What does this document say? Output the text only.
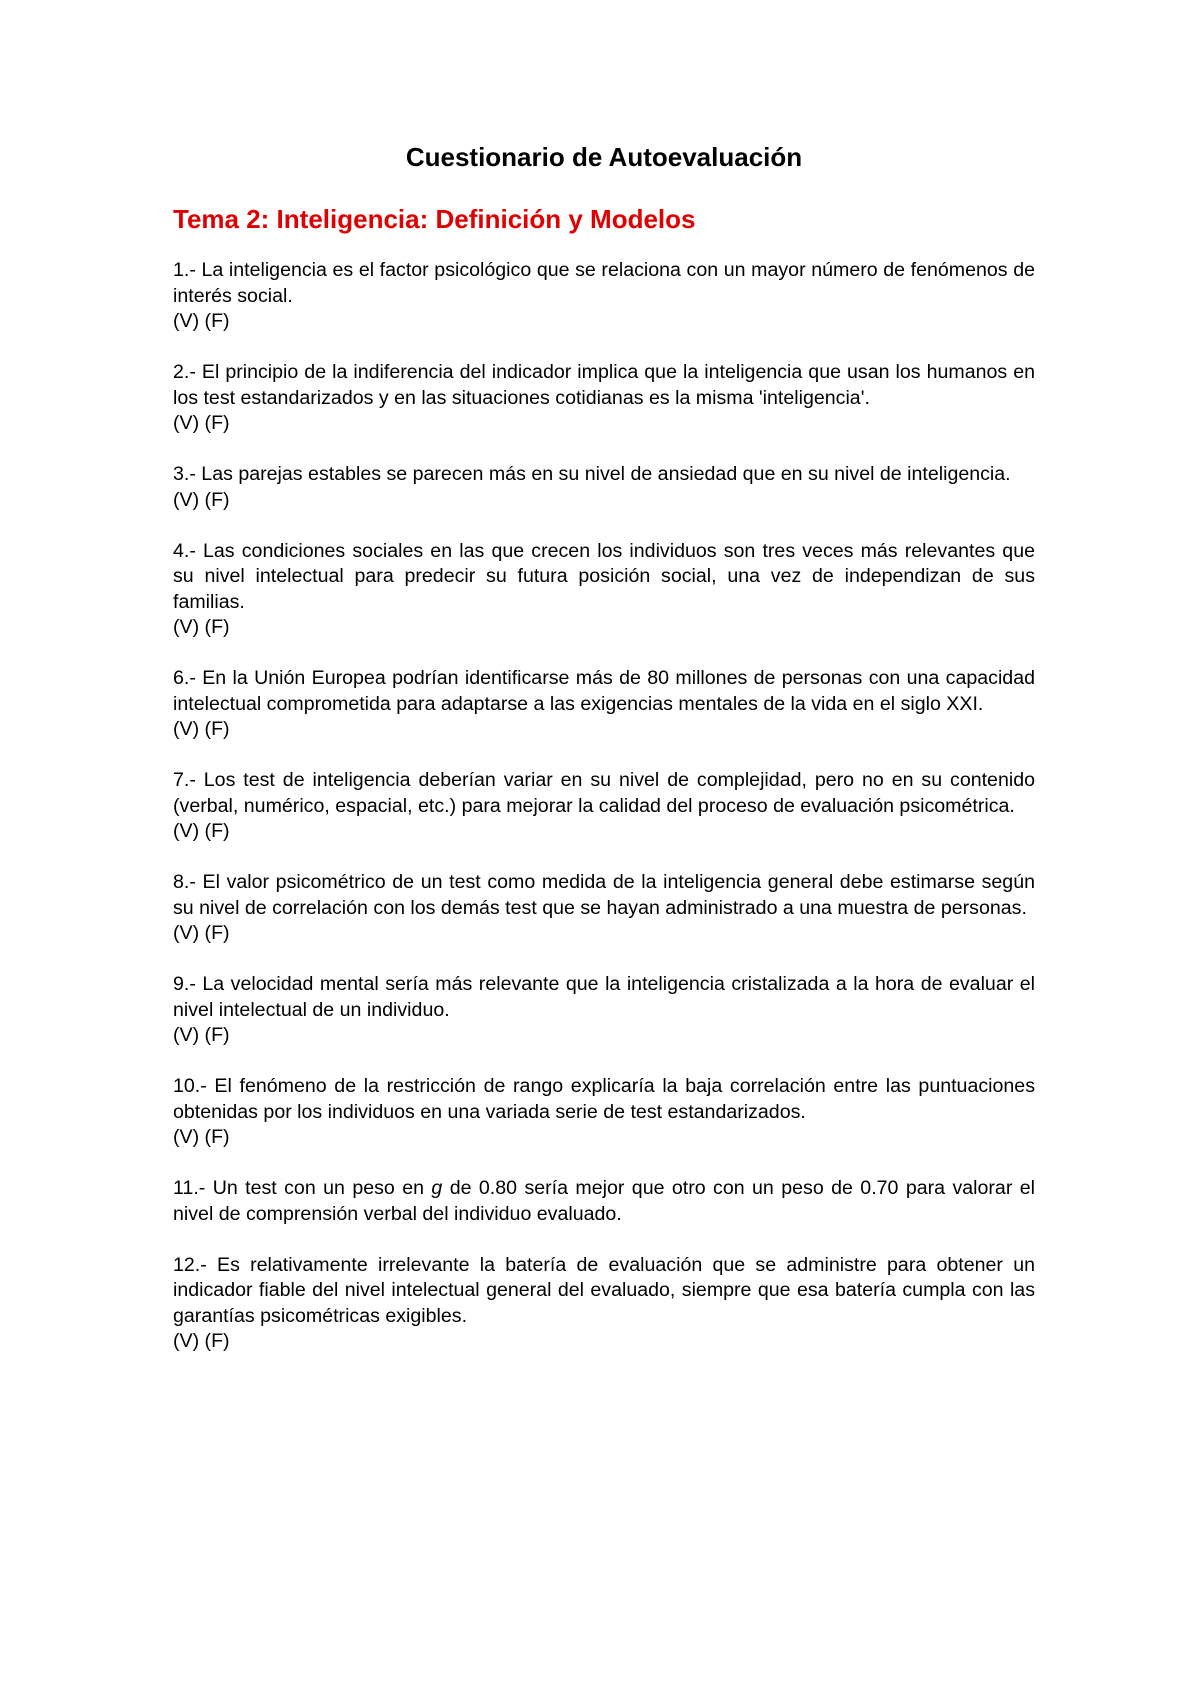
Cuestionario de Autoevaluación
Tema 2: Inteligencia: Definición y Modelos

1.- La inteligencia es el factor psicológico que se relaciona con un mayor número de fenómenos de interés social.

(V) (F)

2.- El principio de la indiferencia del indicador implica que la inteligencia que usan los humanos en los test estandarizados y en las situaciones cotidianas es la misma 'inteligencia'.

(V) (F)

3.- Las parejas estables se parecen más en su nivel de ansiedad que en su nivel de inteligencia.

(V) (F)

4.- Las condiciones sociales en las que crecen los individuos son tres veces más relevantes que su nivel intelectual para predecir su futura posición social, una vez de independizan de sus familias.

(V) (F)

6.- En la Unión Europea podrían identificarse más de 80 millones de personas con una capacidad intelectual comprometida para adaptarse a las exigencias mentales de la vida en el siglo XXI.

(V) (F)

7.- Los test de inteligencia deberían variar en su nivel de complejidad, pero no en su contenido (verbal, numérico, espacial, etc.) para mejorar la calidad del proceso de evaluación psicométrica.

(V) (F)

8.- El valor psicométrico de un test como medida de la inteligencia general debe estimarse según su nivel de correlación con los demás test que se hayan administrado a una muestra de personas.

(V) (F)

9.- La velocidad mental sería más relevante que la inteligencia cristalizada a la hora de evaluar el nivel intelectual de un individuo.

(V) (F)

10.- El fenómeno de la restricción de rango explicaría la baja correlación entre las puntuaciones obtenidas por los individuos en una variada serie de test estandarizados.

(V) (F)

11.- Un test con un peso en g de 0.80 sería mejor que otro con un peso de 0.70 para valorar el nivel de comprensión verbal del individuo evaluado.

12.- Es relativamente irrelevante la batería de evaluación que se administre para obtener un indicador fiable del nivel intelectual general del evaluado, siempre que esa batería cumpla con las garantías psicométricas exigibles.

(V) (F)
